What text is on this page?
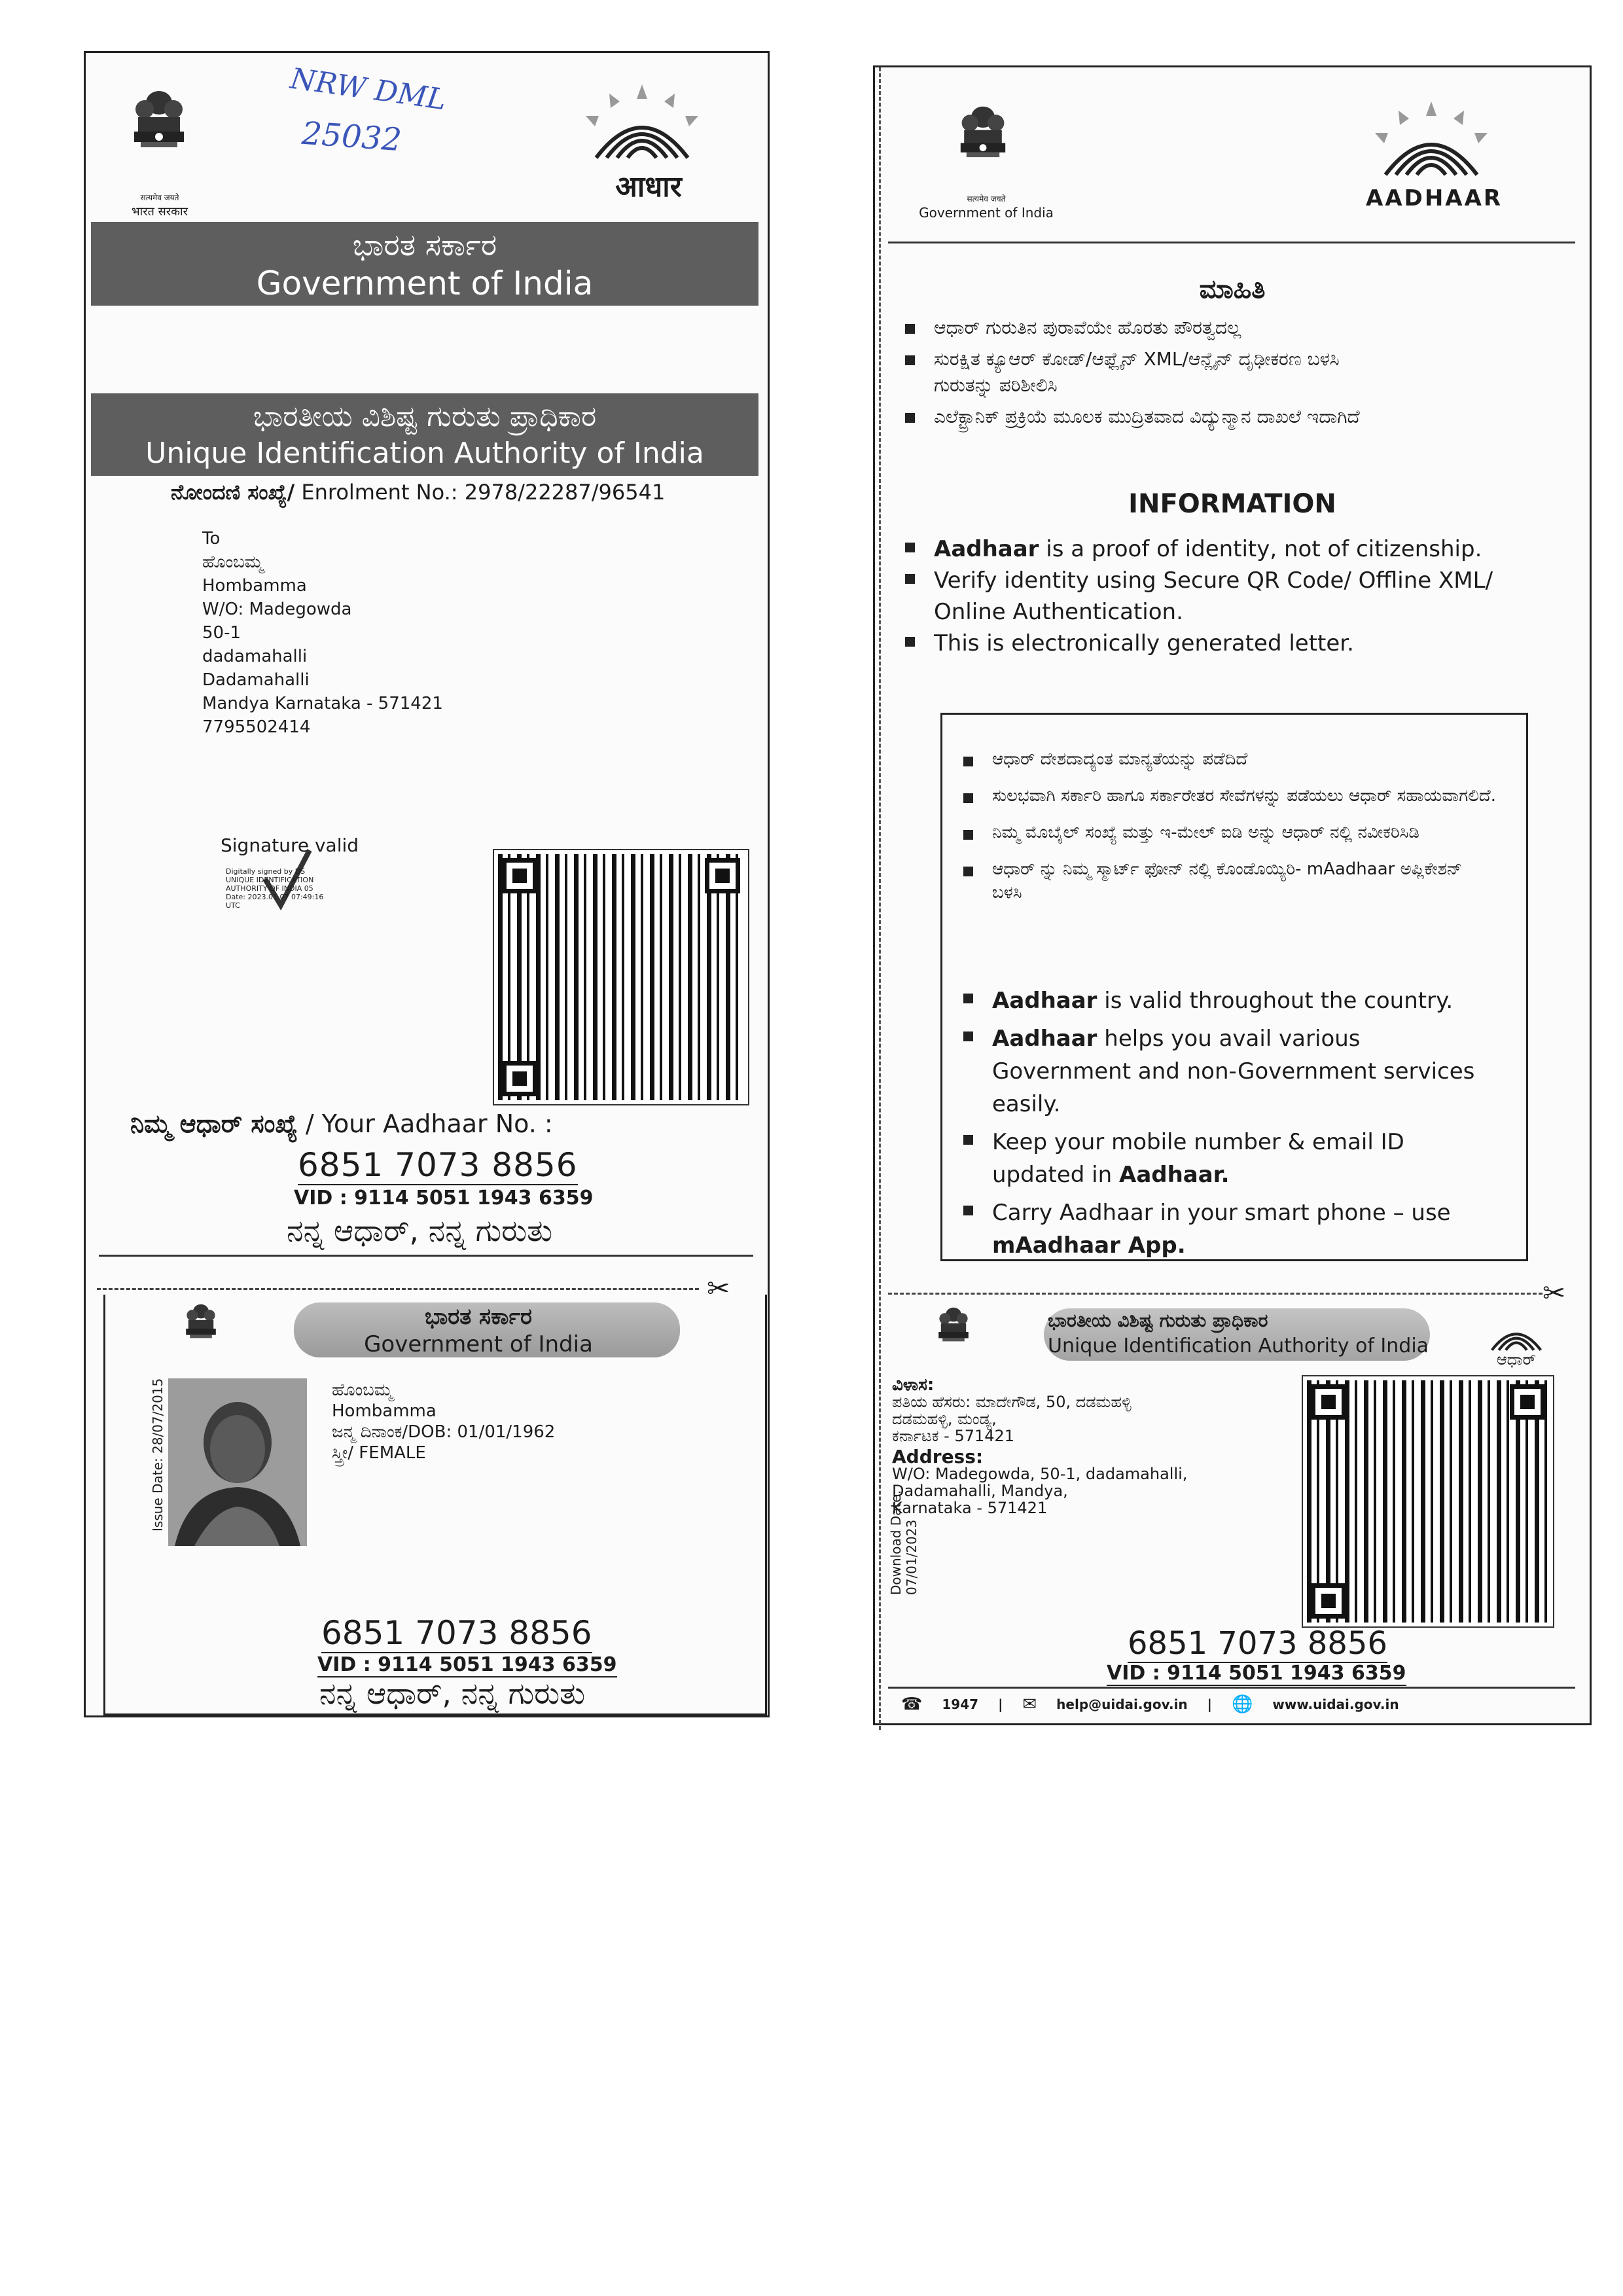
सत्यमेव जयते
भारत सरकार
NRW DML
25032
आधार
ಭಾರತ ಸರ್ಕಾರ
Government of India
ಭಾರತೀಯ ವಿಶಿಷ್ಟ ಗುರುತು ಪ್ರಾಧಿಕಾರ
Unique Identification Authority of India
ನೋಂದಣಿ ಸಂಖ್ಯೆ/ Enrolment No.: 2978/22287/96541
To
ಹೊಂಬಮ್ಮ
Hombamma
W/O: Madegowda
50-1
dadamahalli
Dadamahalli
Mandya Karnataka - 571421
7795502414
Signature valid
Digitally signed by DS
UNIQUE IDENTIFICATION
AUTHORITY OF INDIA 05
Date: 2023.01.07 07:49:16
UTC
ನಿಮ್ಮ ಆಧಾರ್ ಸಂಖ್ಯೆ / Your Aadhaar No. :
6851 7073 8856
VID : 9114 5051 1943 6359
ನನ್ನ ಆಧಾರ್, ನನ್ನ ಗುರುತು
✂
ಭಾರತ ಸರ್ಕಾರ
Government of India
Issue Date: 28/07/2015	ಹೊಂಬಮ್ಮ
Hombamma
ಜನ್ಮ ದಿನಾಂಕ/DOB: 01/01/1962
ಸ್ತ್ರೀ/ FEMALE
6851 7073 8856
VID : 9114 5051 1943 6359
ನನ್ನ ಆಧಾರ್, ನನ್ನ ಗುರುತು
सत्यमेव जयते
Government of India
AADHAAR
ಮಾಹಿತಿ
ಆಧಾರ್ ಗುರುತಿನ ಪುರಾವೆಯೇ ಹೊರತು ಪೌರತ್ವದಲ್ಲ
ಸುರಕ್ಷಿತ ಕ್ಯೂಆರ್ ಕೋಡ್/ಆಫ್ಲೈನ್ XML/ಆನ್ಲೈನ್ ದೃಢೀಕರಣ ಬಳಸಿ ಗುರುತನ್ನು ಪರಿಶೀಲಿಸಿ
ಎಲೆಕ್ಟ್ರಾನಿಕ್ ಪ್ರಕ್ರಿಯೆ ಮೂಲಕ ಮುದ್ರಿತವಾದ ವಿದ್ಯುನ್ಮಾನ ದಾಖಲೆ ಇದಾಗಿದೆ
INFORMATION
Aadhaar is a proof of identity, not of citizenship.
Verify identity using Secure QR Code/ Offline XML/ Online Authentication.
This is electronically generated letter.
ಆಧಾರ್ ದೇಶದಾದ್ಯಂತ ಮಾನ್ಯತೆಯನ್ನು ಪಡೆದಿದೆ
ಸುಲಭವಾಗಿ ಸರ್ಕಾರಿ ಹಾಗೂ ಸರ್ಕಾರೇತರ ಸೇವೆಗಳನ್ನು ಪಡೆಯಲು ಆಧಾರ್ ಸಹಾಯವಾಗಲಿದೆ.
ನಿಮ್ಮ ಮೊಬೈಲ್ ಸಂಖ್ಯೆ ಮತ್ತು ಇ-ಮೇಲ್ ಐಡಿ ಅನ್ನು ಆಧಾರ್ ನಲ್ಲಿ ನವೀಕರಿಸಿಡಿ
ಆಧಾರ್ ನ್ನು ನಿಮ್ಮ ಸ್ಮಾರ್ಟ್ ಫೋನ್ ನಲ್ಲಿ ಕೊಂಡೊಯ್ಯಿರಿ- mAadhaar ಅಪ್ಲಿಕೇಶನ್ ಬಳಸಿ
Aadhaar is valid throughout the country.
Aadhaar helps you avail various Government and non-Government services easily.
Keep your mobile number & email ID updated in Aadhaar.
Carry Aadhaar in your smart phone – use mAadhaar App.
✂
ಭಾರತೀಯ ವಿಶಿಷ್ಟ ಗುರುತು ಪ್ರಾಧಿಕಾರ
Unique Identification Authority of India
ಆಧಾರ್
Download Date: 07/01/2023
ವಿಳಾಸ:
ಪತಿಯ ಹೆಸರು: ಮಾದೇಗೌಡ, 50, ದಡಮಹಳ್ಳಿ
ದಡಮಹಳ್ಳಿ, ಮಂಡ್ಯ,
ಕರ್ನಾಟಕ - 571421
Address:
W/O: Madegowda, 50-1, dadamahalli,
Dadamahalli, Mandya,
Karnataka - 571421
6851 7073 8856
VID : 9114 5051 1943 6359
☎ 1947 | ✉ help@uidai.gov.in | 🌐 www.uidai.gov.in
